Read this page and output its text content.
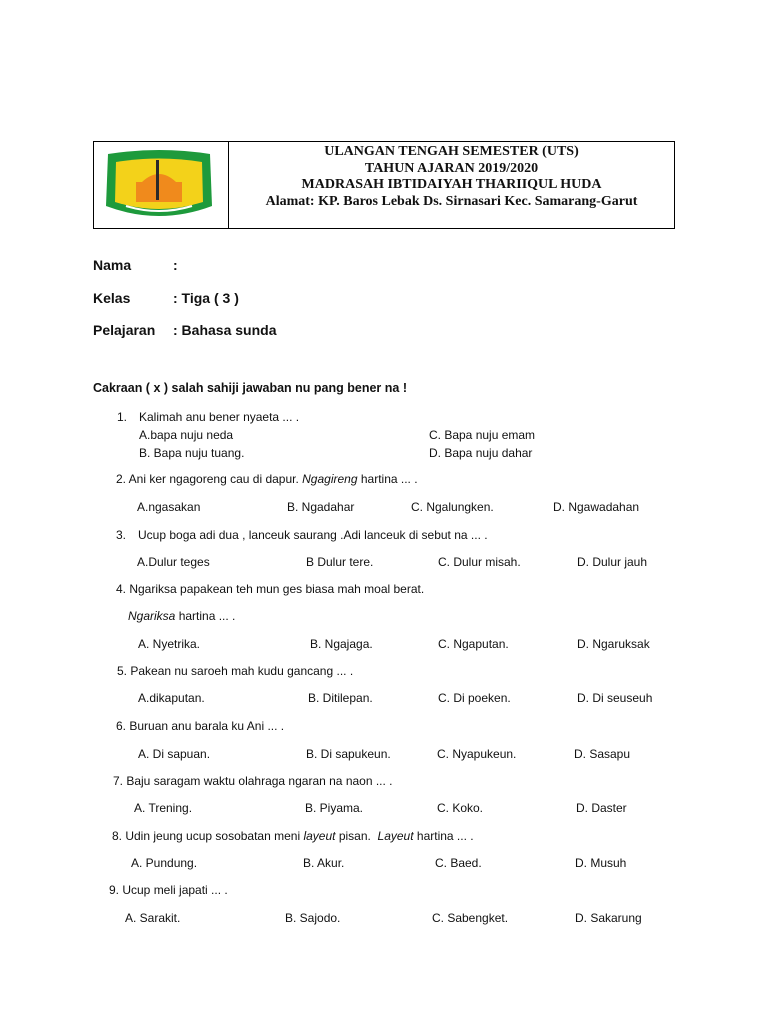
ULANGAN TENGAH SEMESTER (UTS)
TAHUN AJARAN 2019/2020
MADRASAH IBTIDAIYAH THARIIQUL HUDA
Alamat: KP. Baros Lebak Ds. Sirnasari Kec. Samarang-Garut
Nama	:
Kelas	: Tiga ( 3 )
Pelajaran : Bahasa sunda
Cakraan ( x ) salah sahiji jawaban nu pang bener na !
1. Kalimah anu bener nyaeta ... .
A.bapa nuju neda	C. Bapa nuju emam
B. Bapa nuju tuang.	D. Bapa nuju dahar
2. Ani ker ngagoreng cau di dapur. Ngagireng hartina ... .
A.ngasakan	B. Ngadahar	C. Ngalungken.	D. Ngawadahan
3. Ucup boga adi dua , lanceuk saurang .Adi lanceuk di sebut na ... .
A.Dulur teges	B Dulur tere.	C. Dulur misah.	D. Dulur jauh
4. Ngariksa papakean teh mun ges biasa mah moal berat.
Ngariksa hartina ... .
A. Nyetrika.	B. Ngajaga.	C. Ngaputan.	D. Ngaruksak
5. Pakean nu saroeh mah kudu gancang ... .
A.dikaputan.	B. Ditilepan.	C. Di poeken.	D. Di seuseuh
6. Buruan anu barala ku Ani ... .
A. Di sapuan.	B. Di sapukeun.	C. Nyapukeun.	D. Sasapu
7. Baju saragam waktu olahraga ngaran na naon ... .
A. Trening.	B. Piyama.	C. Koko.	D. Daster
8. Udin jeung ucup sosobatan meni layeut pisan.  Layeut hartina ... .
A. Pundung.	B. Akur.	C. Baed.	D. Musuh
9. Ucup meli japati ... .
A. Sarakit.	B. Sajodo.	C. Sabengket.	D. Sakarung
